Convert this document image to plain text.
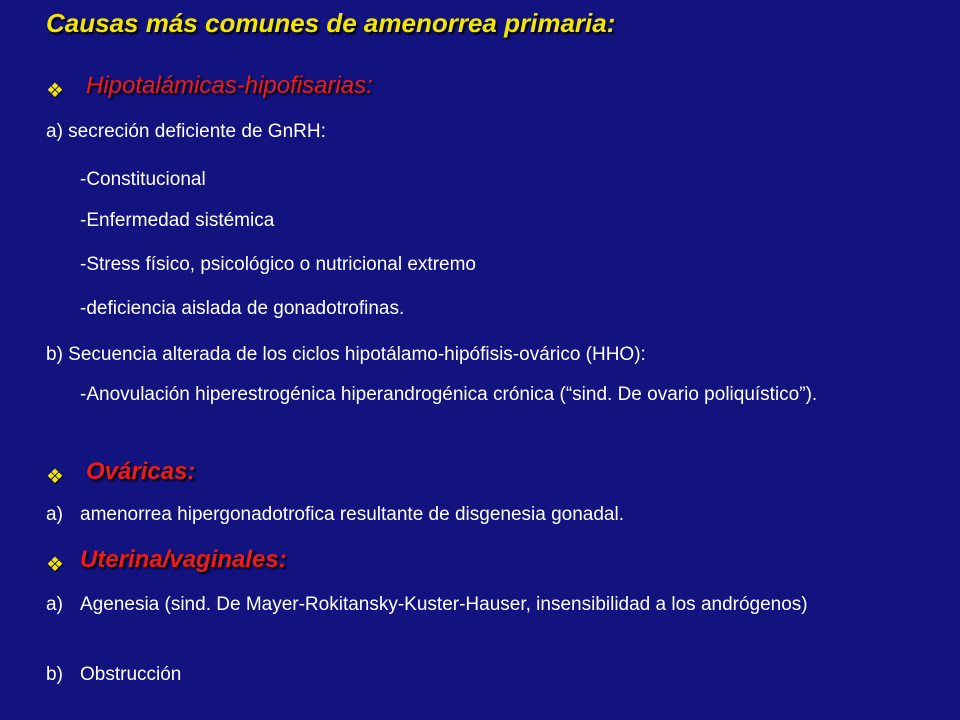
Causas más comunes de amenorrea primaria:
❖ Hipotalámicas-hipofisarias:
a) secreción deficiente de GnRH:
-Constitucional
-Enfermedad sistémica
-Stress físico, psicológico o nutricional extremo
-deficiencia aislada de gonadotrofinas.
b) Secuencia alterada de los ciclos hipotálamo-hipófisis-ovárico (HHO):
-Anovulación hiperestrogénica hiperandrogénica crónica (“sind. De ovario poliquístico”).
❖ Ováricas:
a) amenorrea hipergonadotrofica resultante de disgenesia gonadal.
❖ Uterina/vaginales:
a) Agenesia (sind. De Mayer-Rokitansky-Kuster-Hauser, insensibilidad a los andrógenos)
b) Obstrucción
